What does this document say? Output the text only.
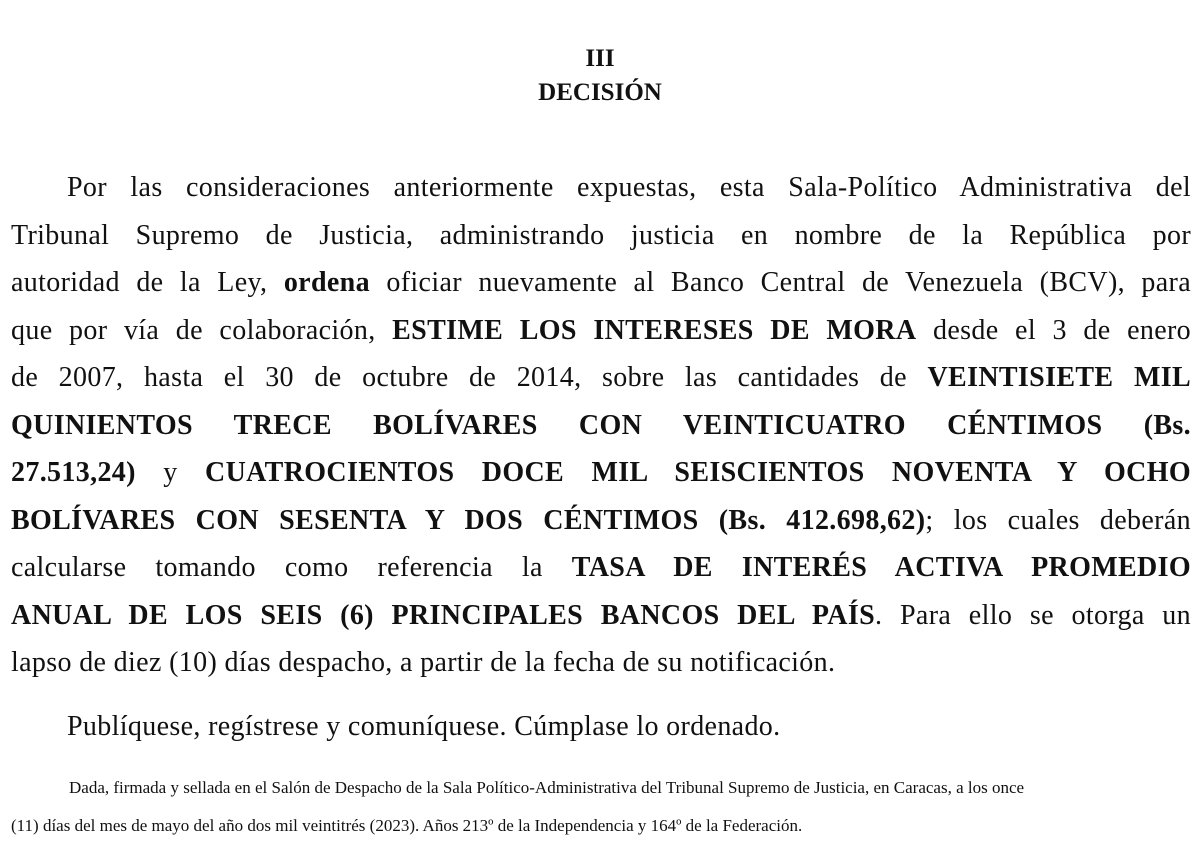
III
DECISIÓN
Por las consideraciones anteriormente expuestas, esta Sala-Político Administrativa del
Tribunal Supremo de Justicia, administrando justicia en nombre de la República por
autoridad de la Ley, ordena oficiar nuevamente al Banco Central de Venezuela (BCV), para
que por vía de colaboración, ESTIME LOS INTERESES DE MORA desde el 3 de enero
de 2007, hasta el 30 de octubre de 2014, sobre las cantidades de VEINTISIETE MIL
QUINIENTOS TRECE BOLÍVARES CON VEINTICUATRO CÉNTIMOS (Bs.
27.513,24) y CUATROCIENTOS DOCE MIL SEISCIENTOS NOVENTA Y OCHO
BOLÍVARES CON SESENTA Y DOS CÉNTIMOS (Bs. 412.698,62); los cuales deberán
calcularse tomando como referencia la TASA DE INTERÉS ACTIVA PROMEDIO
ANUAL DE LOS SEIS (6) PRINCIPALES BANCOS DEL PAÍS. Para ello se otorga un
lapso de diez (10) días despacho, a partir de la fecha de su notificación.
Publíquese, regístrese y comuníquese. Cúmplase lo ordenado.
Dada, firmada y sellada en el Salón de Despacho de la Sala Político-Administrativa del Tribunal Supremo de Justicia, en Caracas, a los once
(11) días del mes de mayo del año dos mil veintitrés (2023). Años 213º de la Independencia y 164º de la Federación.
